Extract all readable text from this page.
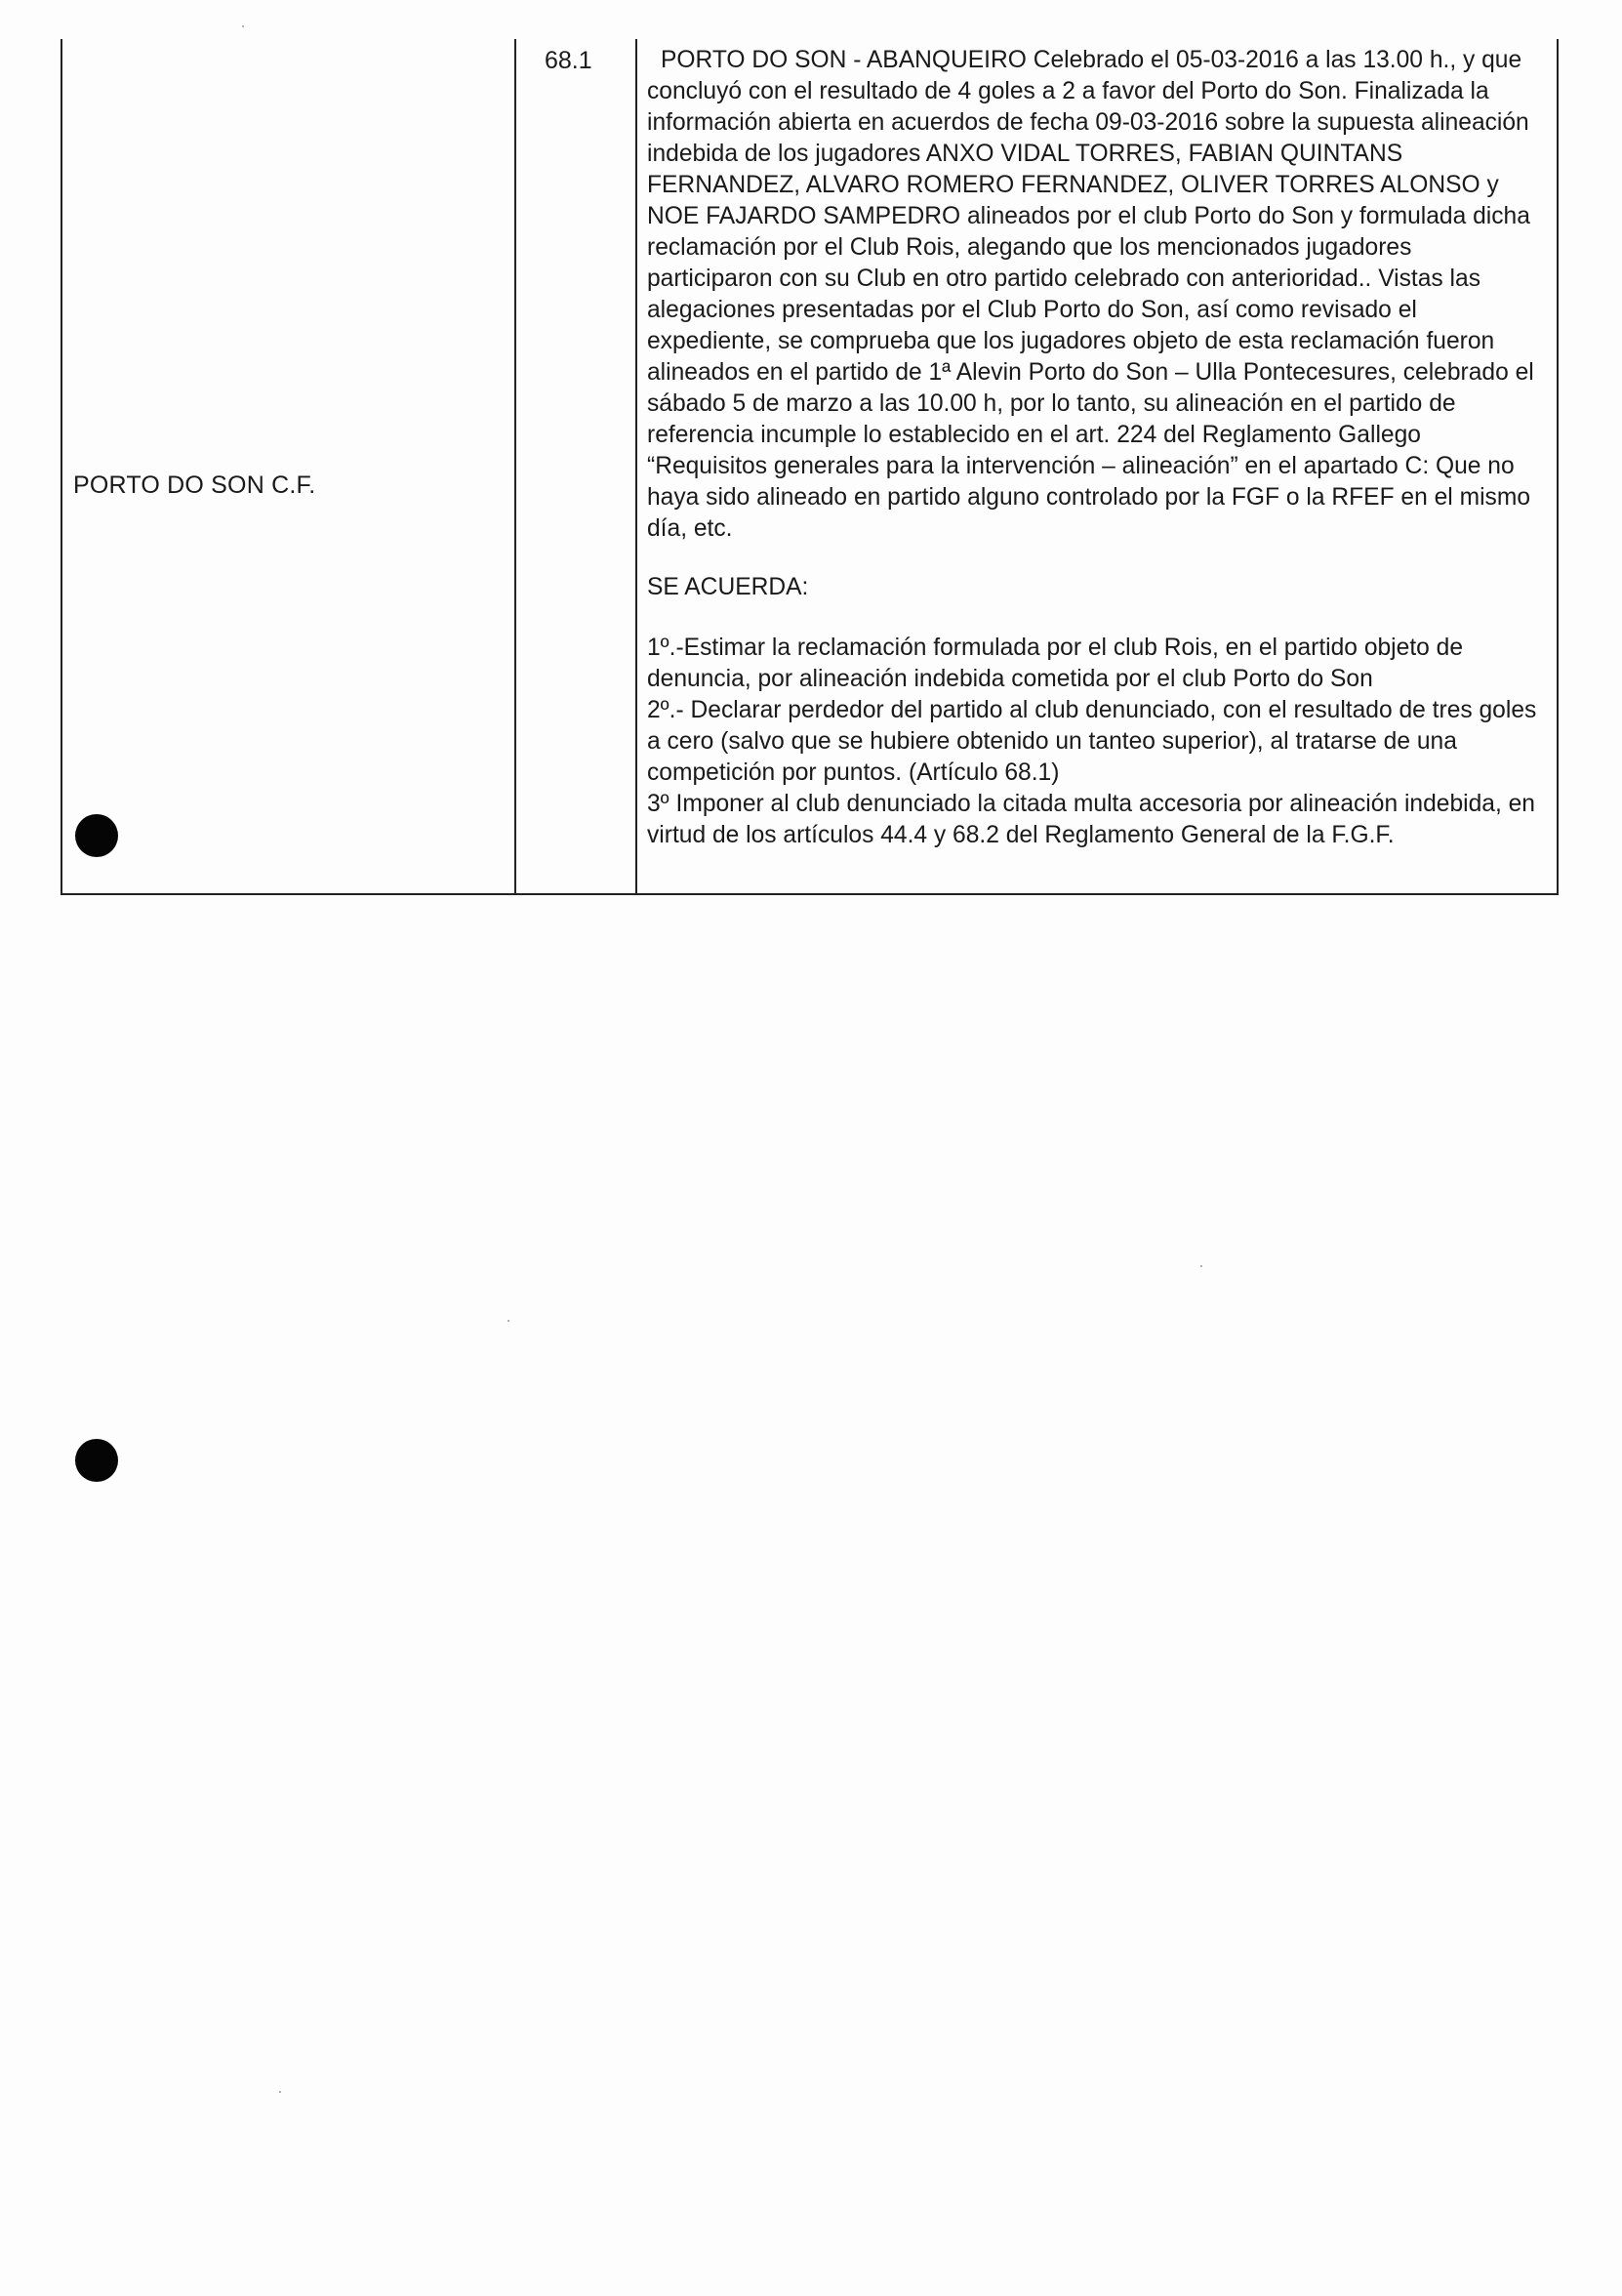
PORTO DO SON C.F.
68.1	PORTO DO SON - ABANQUEIRO Celebrado el 05-03-2016 a las 13.00 h., y que concluyó con el resultado de 4 goles a 2 a favor del Porto do Son. Finalizada la información abierta en acuerdos de fecha 09-03-2016 sobre la supuesta alineación indebida de los jugadores ANXO VIDAL TORRES, FABIAN QUINTANS FERNANDEZ, ALVARO ROMERO FERNANDEZ, OLIVER TORRES ALONSO y NOE FAJARDO SAMPEDRO alineados por el club Porto do Son y formulada dicha reclamación por el Club Rois, alegando que los mencionados jugadores participaron con su Club en otro partido celebrado con anterioridad.. Vistas las alegaciones presentadas por el Club Porto do Son, así como revisado el expediente, se comprueba que los jugadores objeto de esta reclamación fueron alineados en el partido de 1ª Alevin Porto do Son – Ulla Pontecesures, celebrado el sábado 5 de marzo a las 10.00 h, por lo tanto, su alineación en el partido de referencia incumple lo establecido en el art. 224 del Reglamento Gallego “Requisitos generales para la intervención – alineación” en el apartado C: Que no haya sido alineado en partido alguno controlado por la FGF o la RFEF en el mismo día, etc.

SE ACUERDA:

1º.-Estimar la reclamación formulada por el club Rois, en el partido objeto de denuncia, por alineación indebida cometida por el club Porto do Son

2º.- Declarar perdedor del partido al club denunciado, con el resultado de tres goles a cero (salvo que se hubiere obtenido un tanteo superior), al tratarse de una competición por puntos. (Artículo 68.1)

3º Imponer al club denunciado la citada multa accesoria por alineación indebida, en virtud de los artículos 44.4 y 68.2 del Reglamento General de la F.G.F.
